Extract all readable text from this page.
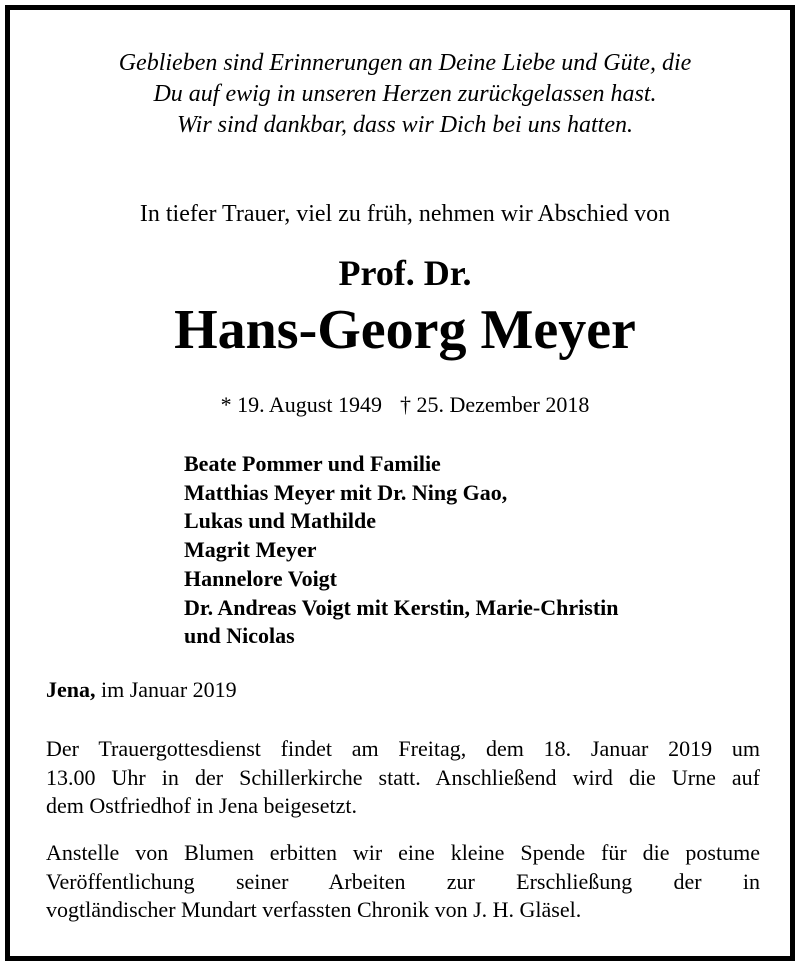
Geblieben sind Erinnerungen an Deine Liebe und Güte, die
Du auf ewig in unseren Herzen zurückgelassen hast.
Wir sind dankbar, dass wir Dich bei uns hatten.
In tiefer Trauer, viel zu früh, nehmen wir Abschied von
Prof. Dr.
Hans-Georg Meyer
* 19. August 1949 † 25. Dezember 2018
Beate Pommer und Familie
Matthias Meyer mit Dr. Ning Gao,
Lukas und Mathilde
Magrit Meyer
Hannelore Voigt
Dr. Andreas Voigt mit Kerstin, Marie-Christin
und Nicolas
Jena, im Januar 2019
Der Trauergottesdienst findet am Freitag, dem 18. Januar 2019 um
13.00 Uhr in der Schillerkirche statt. Anschließend wird die Urne auf
dem Ostfriedhof in Jena beigesetzt.
Anstelle von Blumen erbitten wir eine kleine Spende für die postume
Veröffentlichung seiner Arbeiten zur Erschließung der in
vogtländischer Mundart verfassten Chronik von J. H. Gläsel.
